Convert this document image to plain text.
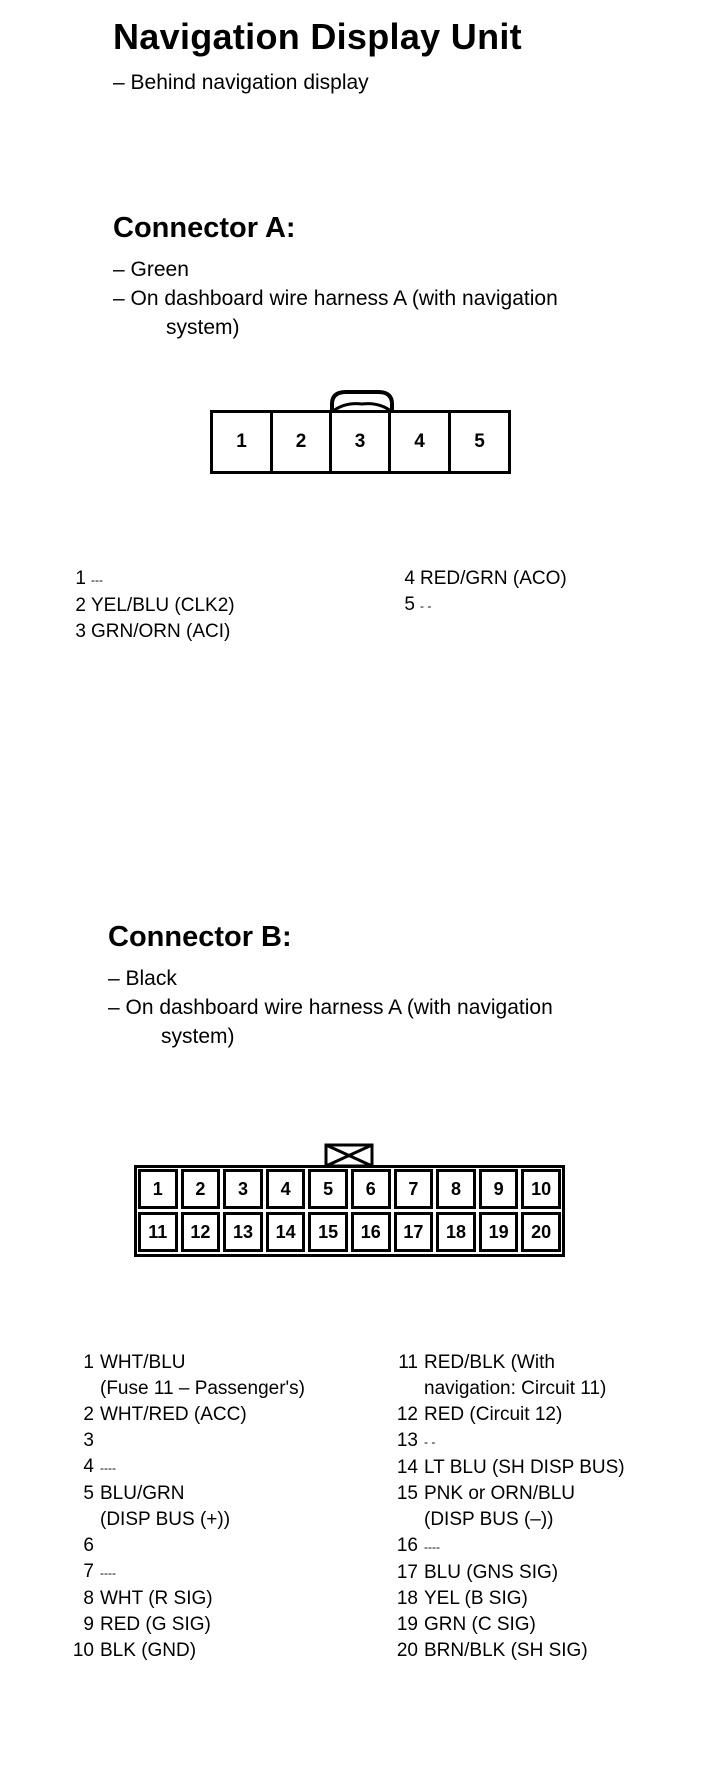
Navigation Display Unit
– Behind navigation display
Connector A:
– Green
– On dashboard wire harness A (with navigation
system)
1	2	3	4	5
1 ---
2 YEL/BLU (CLK2)
3 GRN/ORN (ACI)
4 RED/GRN (ACO)
5 - -
Connector B:
– Black
– On dashboard wire harness A (with navigation
system)
1	2	3	4	5	6	7	8	9	10
11	12	13	14	15	16	17	18	19	20
1 WHT/BLU
(Fuse 11 – Passenger's)
2 WHT/RED (ACC)
3
4 ----
5 BLU/GRN
(DISP BUS (+))
6
7 ----
8 WHT (R SIG)
9 RED (G SIG)
10 BLK (GND)
11 RED/BLK (With
navigation: Circuit 11)
12 RED (Circuit 12)
13 - -
14 LT BLU (SH DISP BUS)
15 PNK or ORN/BLU
(DISP BUS (–))
16 ----
17 BLU (GNS SIG)
18 YEL (B SIG)
19 GRN (C SIG)
20 BRN/BLK (SH SIG)
